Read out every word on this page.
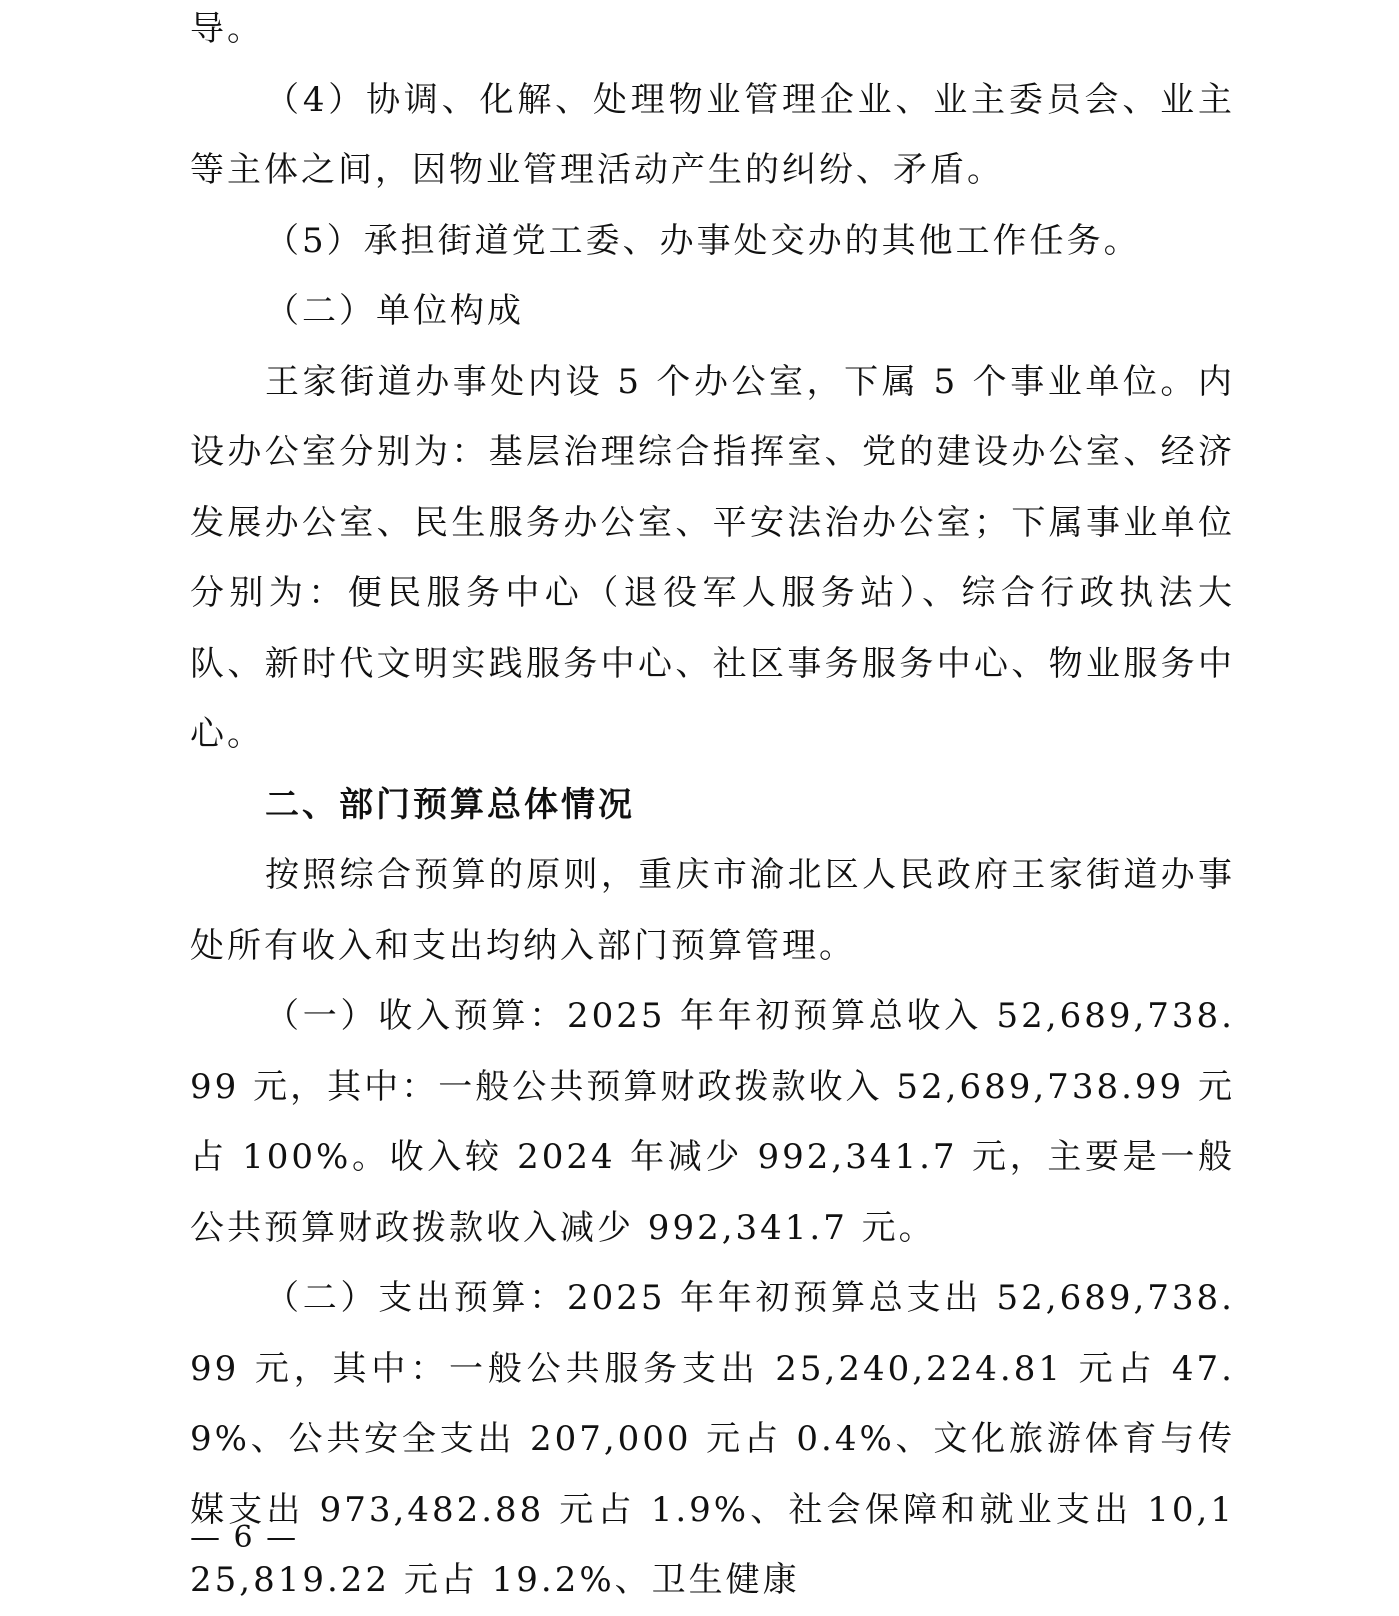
导。

（4）协调、化解、处理物业管理企业、业主委员会、业主等主体之间，因物业管理活动产生的纠纷、矛盾。

（5）承担街道党工委、办事处交办的其他工作任务。

（二）单位构成

王家街道办事处内设 5 个办公室，下属 5 个事业单位。内设办公室分别为：基层治理综合指挥室、党的建设办公室、经济发展办公室、民生服务办公室、平安法治办公室；下属事业单位分别为：便民服务中心（退役军人服务站）、综合行政执法大队、新时代文明实践服务中心、社区事务服务中心、物业服务中心。

二、部门预算总体情况

按照综合预算的原则，重庆市渝北区人民政府王家街道办事处所有收入和支出均纳入部门预算管理。

（一）收入预算：2025 年年初预算总收入 52,689,738.99 元，其中：一般公共预算财政拨款收入 52,689,738.99 元占 100%。收入较 2024 年减少 992,341.7 元，主要是一般公共预算财政拨款收入减少 992,341.7 元。

（二）支出预算：2025 年年初预算总支出 52,689,738.99 元，其中：一般公共服务支出 25,240,224.81 元占 47.9%、公共安全支出 207,000 元占 0.4%、文化旅游体育与传媒支出 973,482.88 元占 1.9%、社会保障和就业支出 10,125,819.22 元占 19.2%、卫生健康

— 6 —
